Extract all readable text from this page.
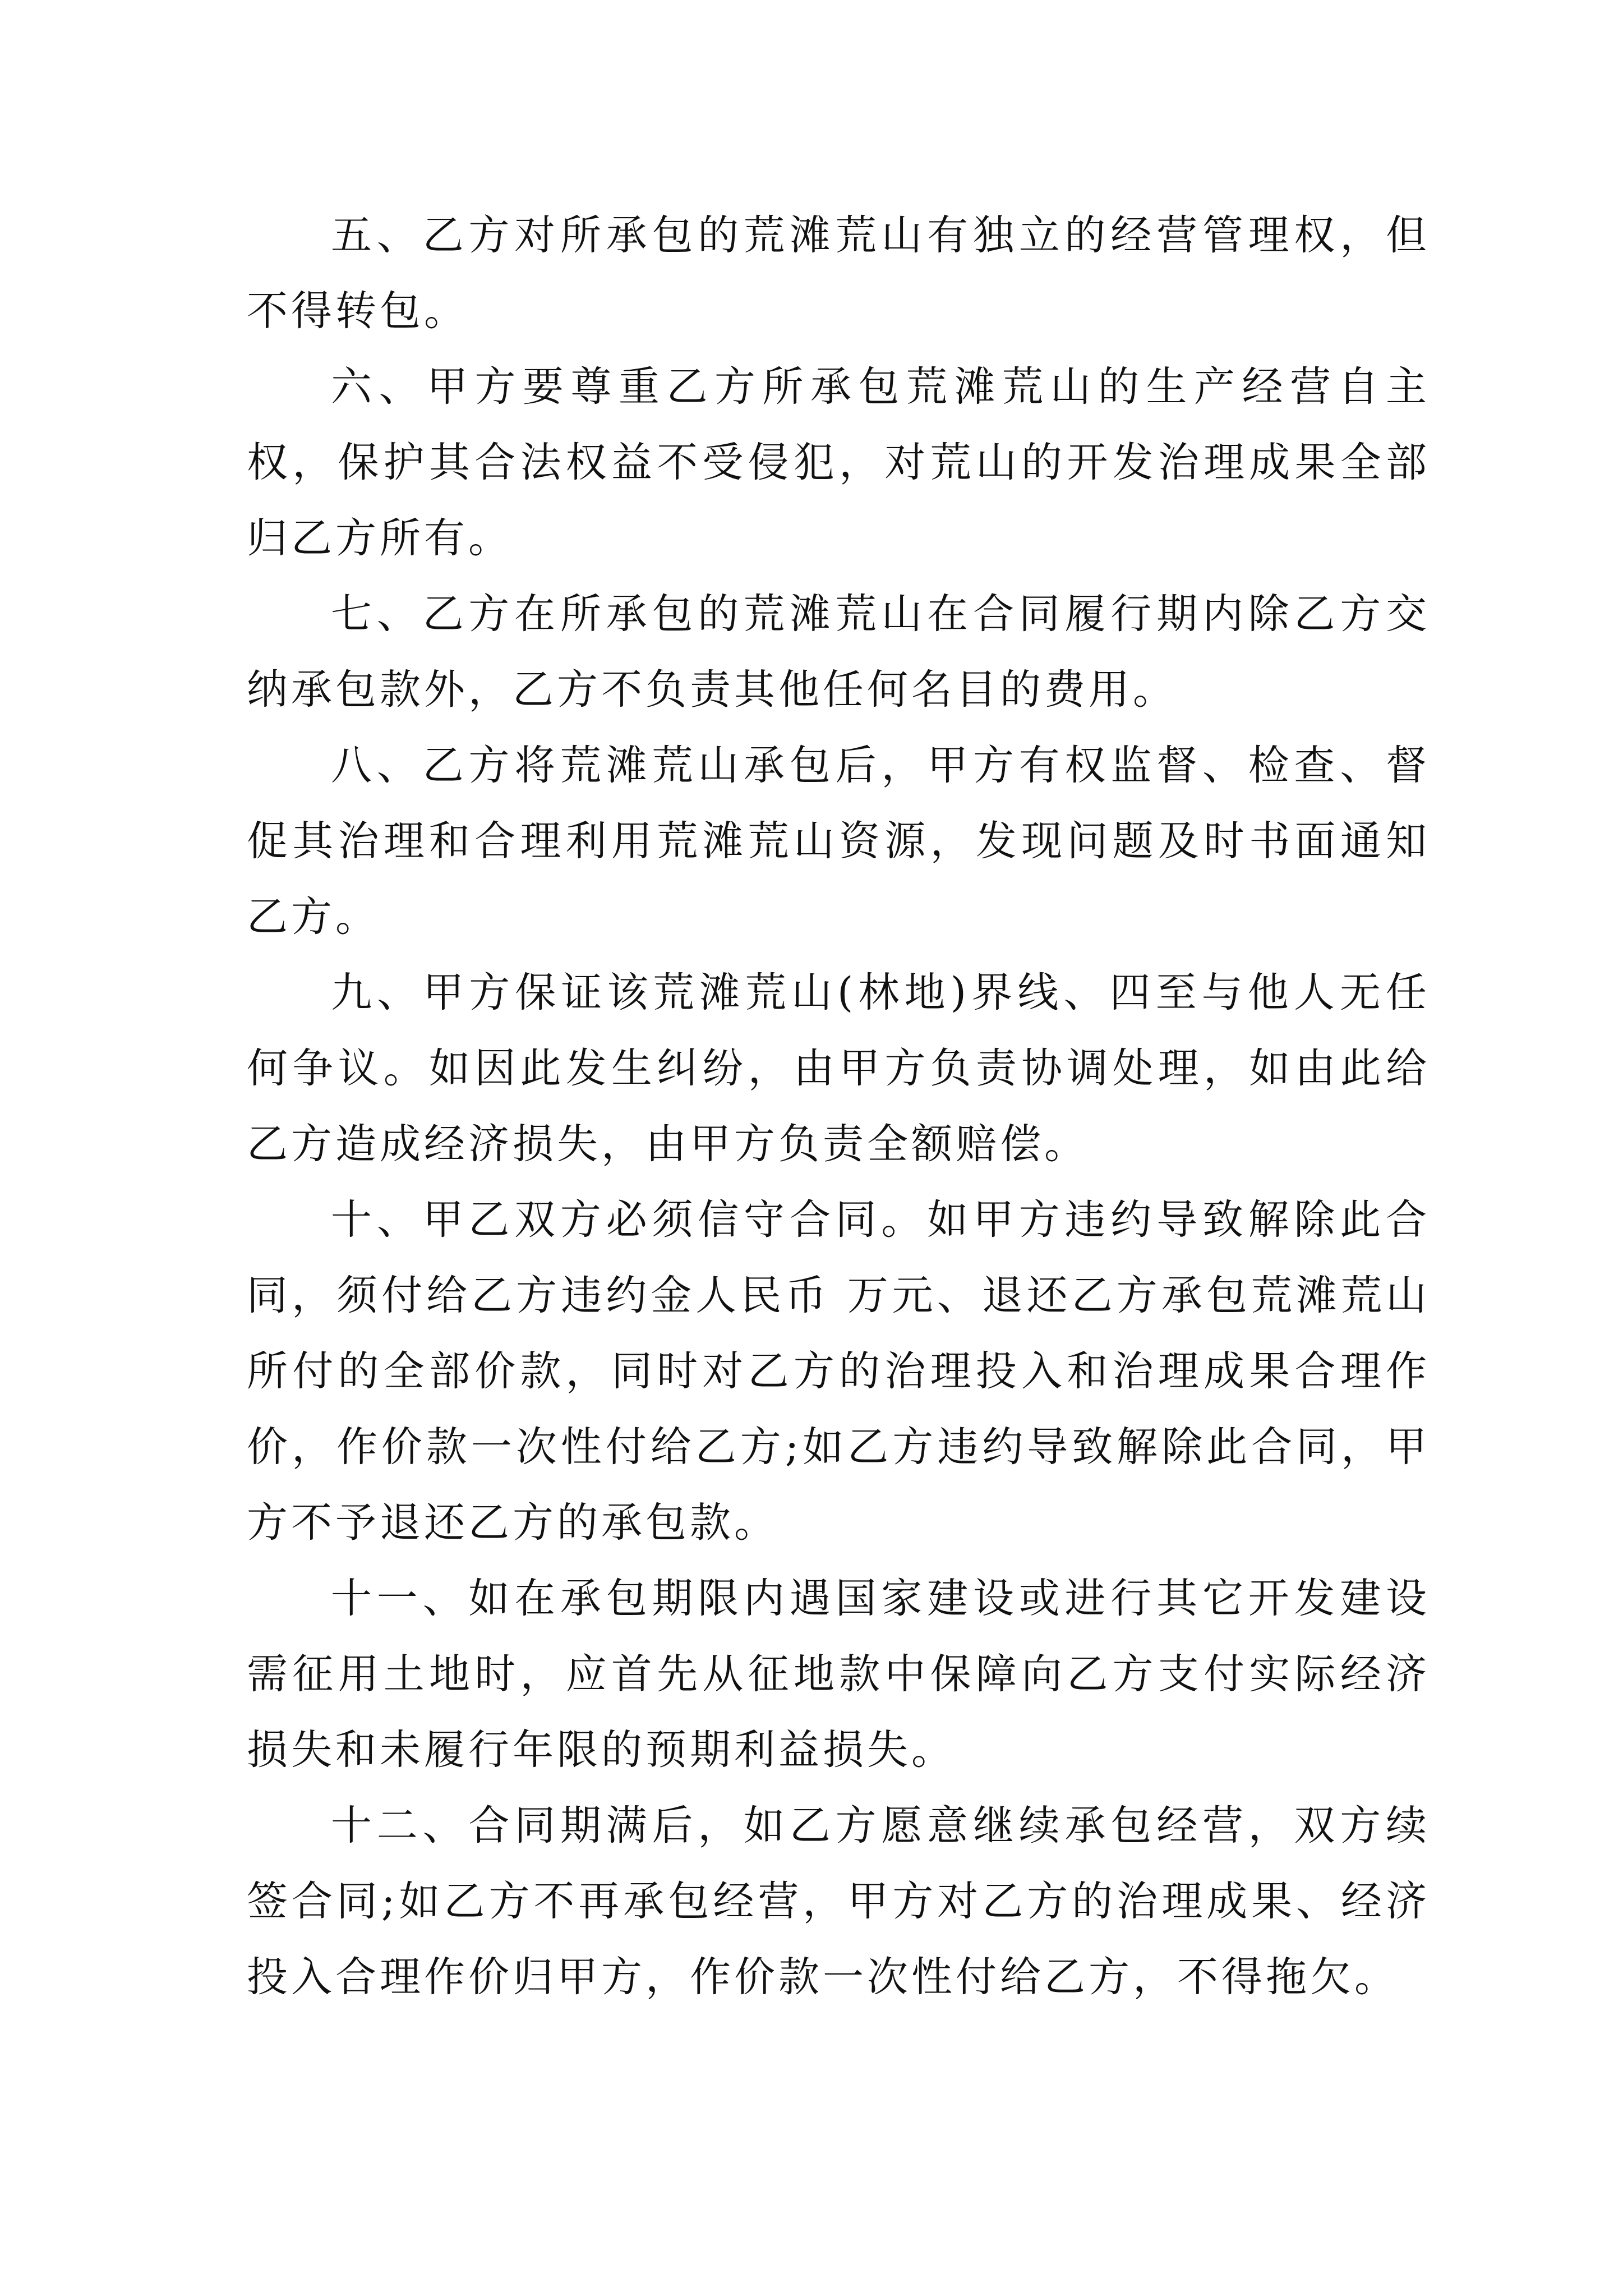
五、乙方对所承包的荒滩荒山有独立的经营管理权，但不得转包。

六、甲方要尊重乙方所承包荒滩荒山的生产经营自主权，保护其合法权益不受侵犯，对荒山的开发治理成果全部归乙方所有。

七、乙方在所承包的荒滩荒山在合同履行期内除乙方交纳承包款外，乙方不负责其他任何名目的费用。

八、乙方将荒滩荒山承包后，甲方有权监督、检查、督促其治理和合理利用荒滩荒山资源，发现问题及时书面通知乙方。

九、甲方保证该荒滩荒山(林地)界线、四至与他人无任何争议。如因此发生纠纷，由甲方负责协调处理，如由此给乙方造成经济损失，由甲方负责全额赔偿。

十、甲乙双方必须信守合同。如甲方违约导致解除此合同，须付给乙方违约金人民币 万元、退还乙方承包荒滩荒山所付的全部价款，同时对乙方的治理投入和治理成果合理作价，作价款一次性付给乙方;如乙方违约导致解除此合同，甲方不予退还乙方的承包款。

十一、如在承包期限内遇国家建设或进行其它开发建设需征用土地时，应首先从征地款中保障向乙方支付实际经济损失和未履行年限的预期利益损失。

十二、合同期满后，如乙方愿意继续承包经营，双方续签合同;如乙方不再承包经营，甲方对乙方的治理成果、经济投入合理作价归甲方，作价款一次性付给乙方，不得拖欠。
